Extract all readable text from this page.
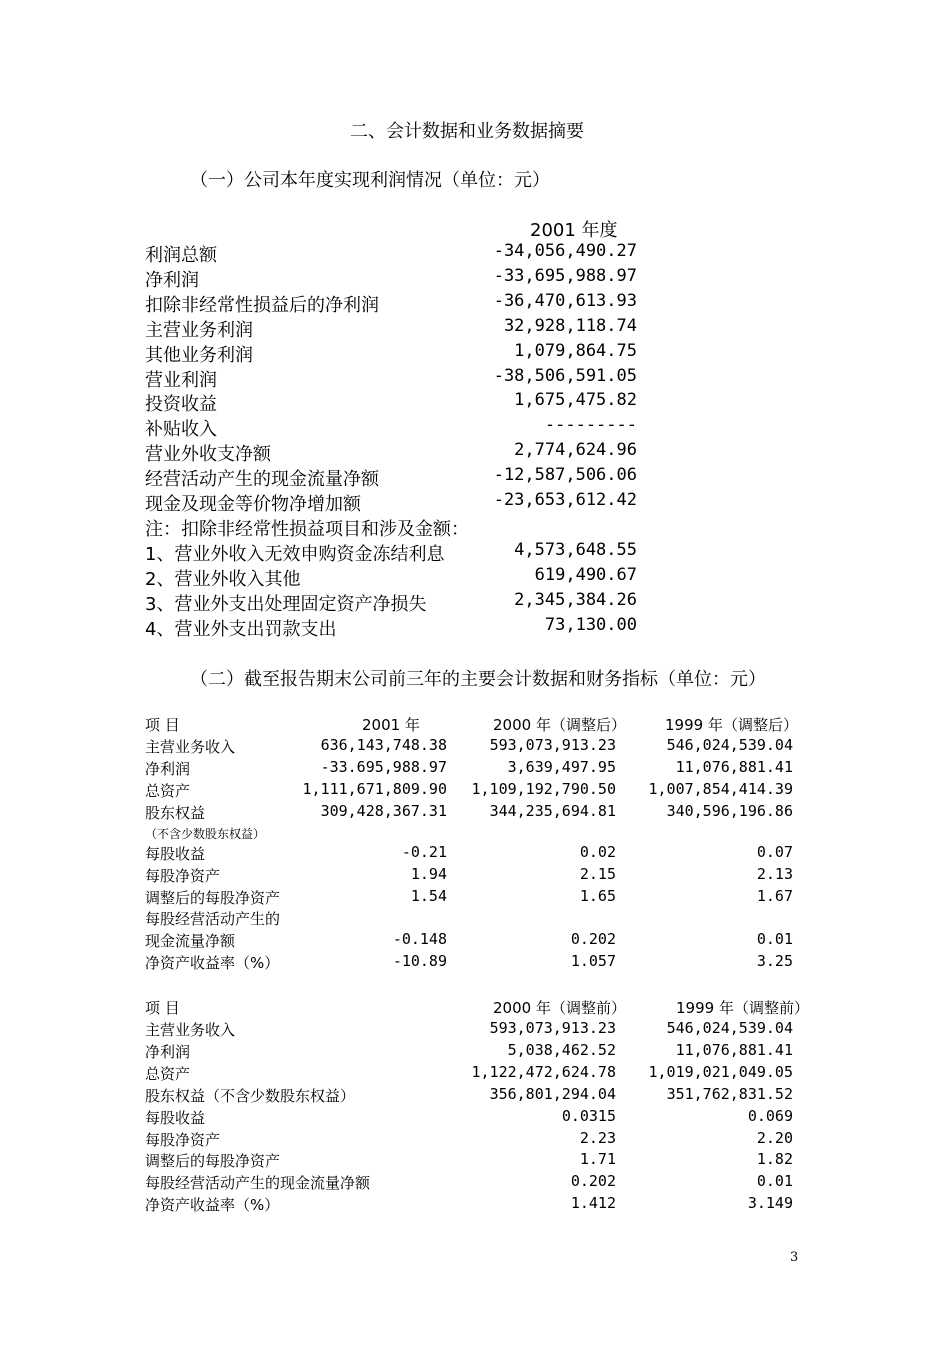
二、会计数据和业务数据摘要
（一）公司本年度实现利润情况（单位：元）
2001 年度
利润总额	-34,056,490.27
净利润	-33,695,988.97
扣除非经常性损益后的净利润	-36,470,613.93
主营业务利润	32,928,118.74
其他业务利润	1,079,864.75
营业利润	-38,506,591.05
投资收益	1,675,475.82
补贴收入	---------
营业外收支净额	2,774,624.96
经营活动产生的现金流量净额	-12,587,506.06
现金及现金等价物净增加额	-23,653,612.42
注：扣除非经常性损益项目和涉及金额：
1、营业外收入无效申购资金冻结利息	4,573,648.55
2、营业外收入其他	619,490.67
3、营业外支出处理固定资产净损失	2,345,384.26
4、营业外支出罚款支出	73,130.00
（二）截至报告期末公司前三年的主要会计数据和财务指标（单位：元）
项 目	2001 年	2000 年（调整后）	1999 年（调整后）
主营业务收入	636,143,748.38	593,073,913.23	546,024,539.04
净利润	-33.695,988.97	3,639,497.95	11,076,881.41
总资产	1,111,671,809.90 1,109,192,790.50 1,007,854,414.39
股东权益	309,428,367.31	344,235,694.81	340,596,196.86
（不含少数股东权益）
每股收益	-0.21	0.02	0.07
每股净资产	1.94	2.15	2.13
调整后的每股净资产	1.54	1.65	1.67
每股经营活动产生的
现金流量净额	-0.148	0.202	0.01
净资产收益率（%）	-10.89	1.057	3.25
项 目	2000 年（调整前）	1999 年（调整前）
主营业务收入	593,073,913.23	546,024,539.04
净利润	5,038,462.52	11,076,881.41
总资产	1,122,472,624.78 1,019,021,049.05
股东权益（不含少数股东权益）	356,801,294.04	351,762,831.52
每股收益	0.0315	0.069
每股净资产	2.23	2.20
调整后的每股净资产	1.71	1.82
每股经营活动产生的现金流量净额	0.202	0.01
净资产收益率（%）	1.412	3.149
3
